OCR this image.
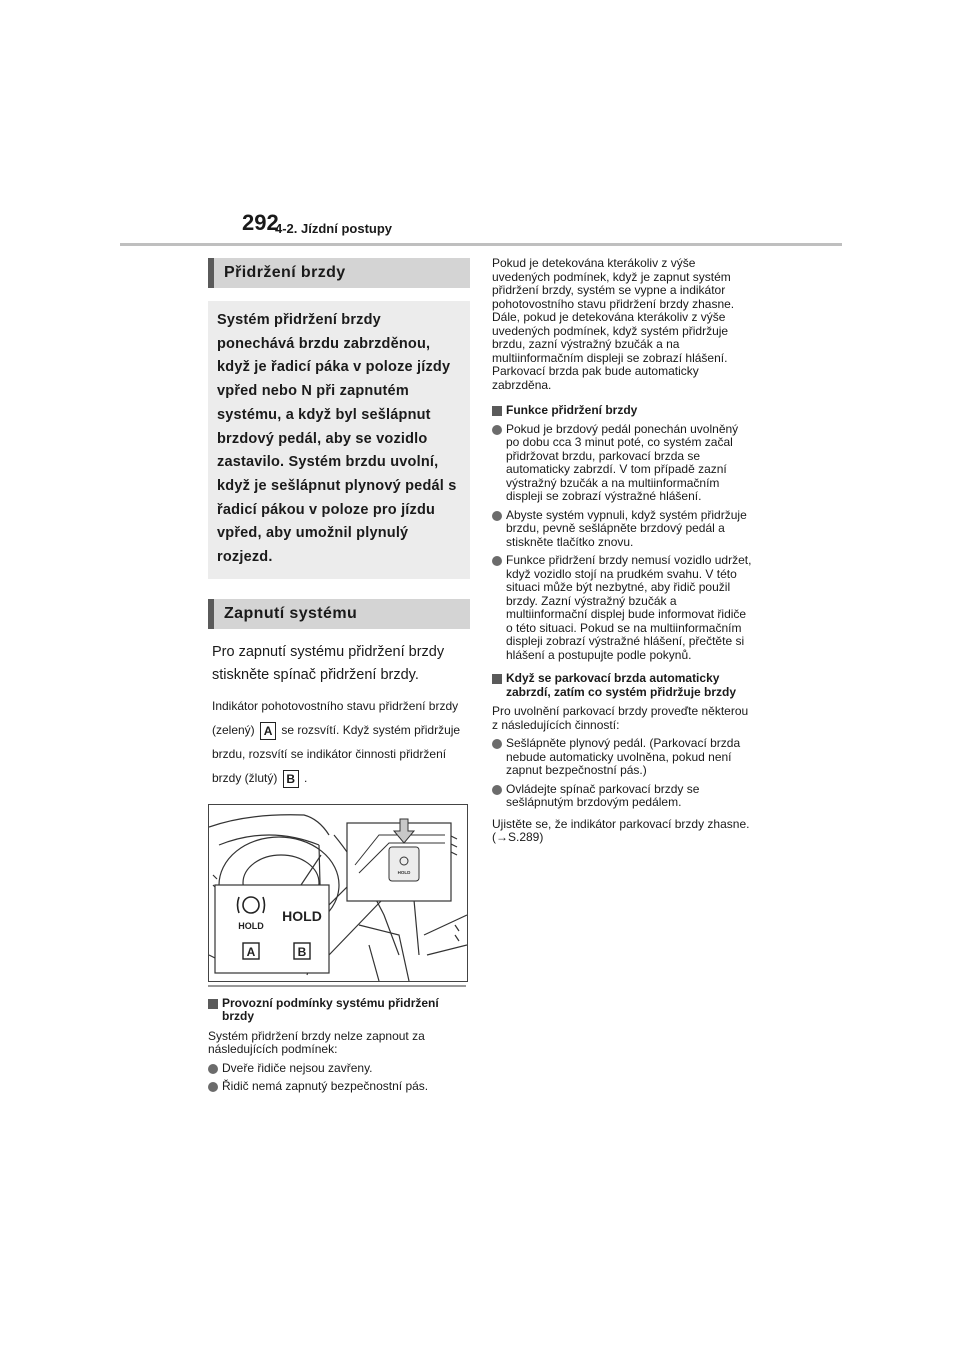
292
4-2. Jízdní postupy
Přidržení brzdy
Systém přidržení brzdy ponechává brzdu zabrzděnou, když je řadicí páka v poloze jízdy vpřed nebo N při zapnutém systému, a když byl sešlápnut brzdový pedál, aby se vozidlo zastavilo. Systém brzdu uvolní, když je sešlápnut plynový pedál s řadicí pákou v poloze pro jízdu vpřed, aby umožnil plynulý rozjezd.
Zapnutí systému
Pro zapnutí systému přidržení brzdy stiskněte spínač přidržení brzdy.
Indikátor pohotovostního stavu přidržení brzdy (zelený) A se rozsvítí. Když systém přidržuje brzdu, rozsvítí se indikátor činnosti přidržení brzdy (žlutý) B .
HOLD
HOLD
HOLD
A	B
Provozní podmínky systému přidržení brzdy
Systém přidržení brzdy nelze zapnout za následujících podmínek:
Dveře řidiče nejsou zavřeny.
Řidič nemá zapnutý bezpečnostní pás.
Pokud je detekována kterákoliv z výše uvedených podmínek, když je zapnut systém přidržení brzdy, systém se vypne a indikátor pohotovostního stavu přidržení brzdy zhasne. Dále, pokud je detekována kterákoliv z výše uvedených podmínek, když systém přidržuje brzdu, zazní výstražný bzučák a na multiinformačním displeji se zobrazí hlášení. Parkovací brzda pak bude automaticky zabrzděna.
Funkce přidržení brzdy
Pokud je brzdový pedál ponechán uvolněný po dobu cca 3 minut poté, co systém začal přidržovat brzdu, parkovací brzda se automaticky zabrzdí. V tom případě zazní výstražný bzučák a na multiinformačním displeji se zobrazí výstražné hlášení.
Abyste systém vypnuli, když systém přidržuje brzdu, pevně sešlápněte brzdový pedál a stiskněte tlačítko znovu.
Funkce přidržení brzdy nemusí vozidlo udržet, když vozidlo stojí na prudkém svahu. V této situaci může být nezbytné, aby řidič použil brzdy. Zazní výstražný bzučák a multiinformační displej bude informovat řidiče o této situaci. Pokud se na multiinformačním displeji zobrazí výstražné hlášení, přečtěte si hlášení a postupujte podle pokynů.
Když se parkovací brzda automaticky zabrzdí, zatím co systém přidržuje brzdy
Pro uvolnění parkovací brzdy proveďte některou z následujících činností:
Sešlápněte plynový pedál. (Parkovací brzda nebude automaticky uvolněna, pokud není zapnut bezpečnostní pás.)
Ovládejte spínač parkovací brzdy se sešlápnutým brzdovým pedálem.
Ujistěte se, že indikátor parkovací brzdy zhasne. (→S.289)
